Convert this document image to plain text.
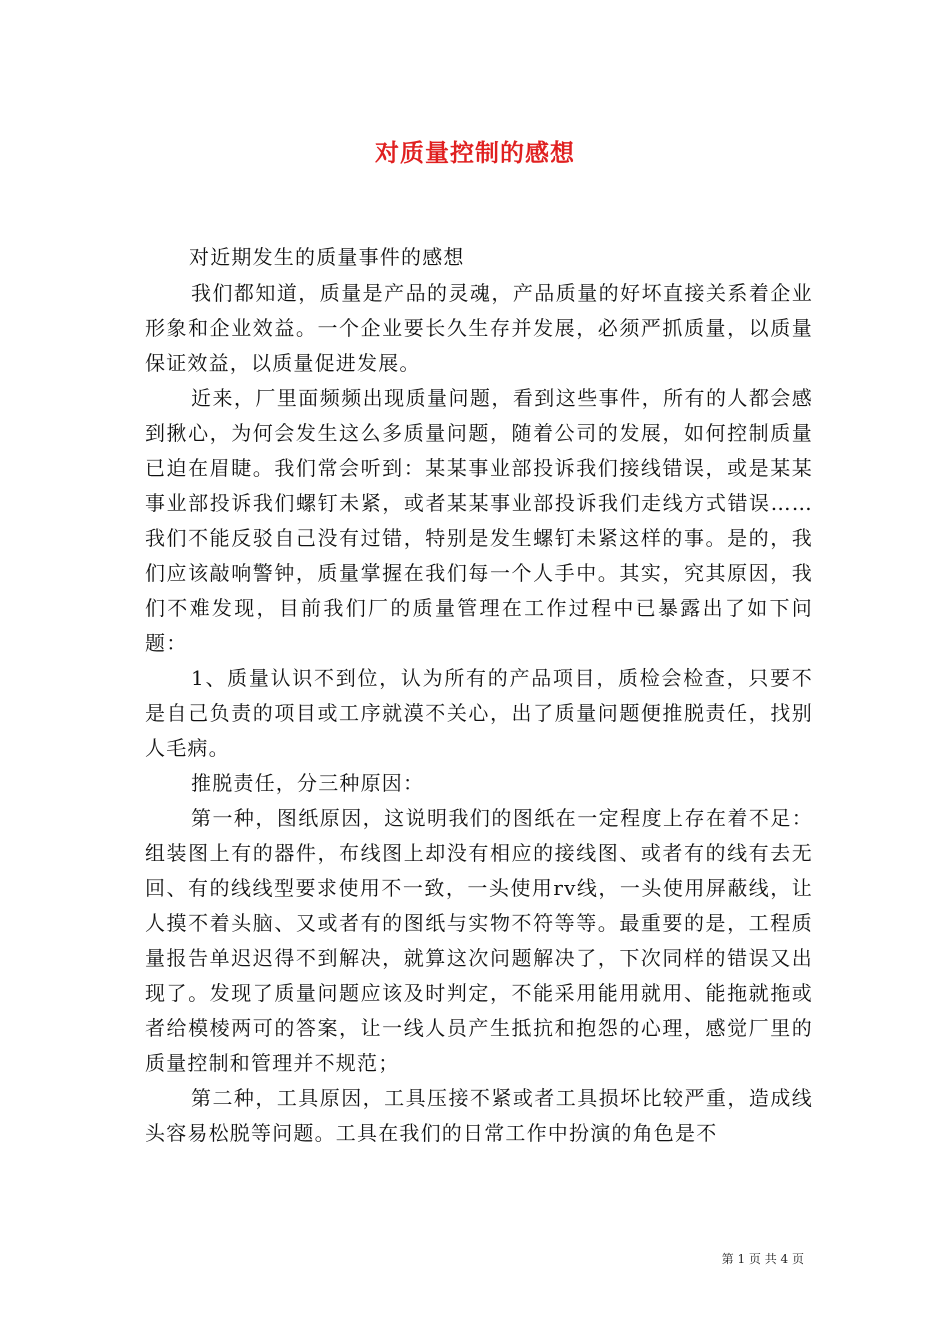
对质量控制的感想

对近期发生的质量事件的感想

我们都知道，质量是产品的灵魂，产品质量的好坏直接关系着企业形象和企业效益。一个企业要长久生存并发展，必须严抓质量，以质量保证效益，以质量促进发展。

近来，厂里面频频出现质量问题，看到这些事件，所有的人都会感到揪心，为何会发生这么多质量问题，随着公司的发展，如何控制质量已迫在眉睫。我们常会听到：某某事业部投诉我们接线错误，或是某某事业部投诉我们螺钉未紧，或者某某事业部投诉我们走线方式错误……我们不能反驳自己没有过错，特别是发生螺钉未紧这样的事。是的，我们应该敲响警钟，质量掌握在我们每一个人手中。其实，究其原因，我们不难发现，目前我们厂的质量管理在工作过程中已暴露出了如下问题：

1、质量认识不到位，认为所有的产品项目，质检会检查，只要不是自己负责的项目或工序就漠不关心，出了质量问题便推脱责任，找别人毛病。

推脱责任，分三种原因：

第一种，图纸原因，这说明我们的图纸在一定程度上存在着不足：组装图上有的器件，布线图上却没有相应的接线图、或者有的线有去无回、有的线线型要求使用不一致，一头使用rv线，一头使用屏蔽线，让人摸不着头脑、又或者有的图纸与实物不符等等。最重要的是，工程质量报告单迟迟得不到解决，就算这次问题解决了，下次同样的错误又出现了。发现了质量问题应该及时判定，不能采用能用就用、能拖就拖或者给模棱两可的答案，让一线人员产生抵抗和抱怨的心理，感觉厂里的质量控制和管理并不规范；

第二种，工具原因，工具压接不紧或者工具损坏比较严重，造成线头容易松脱等问题。工具在我们的日常工作中扮演的角色是不

第 1 页 共 4 页
